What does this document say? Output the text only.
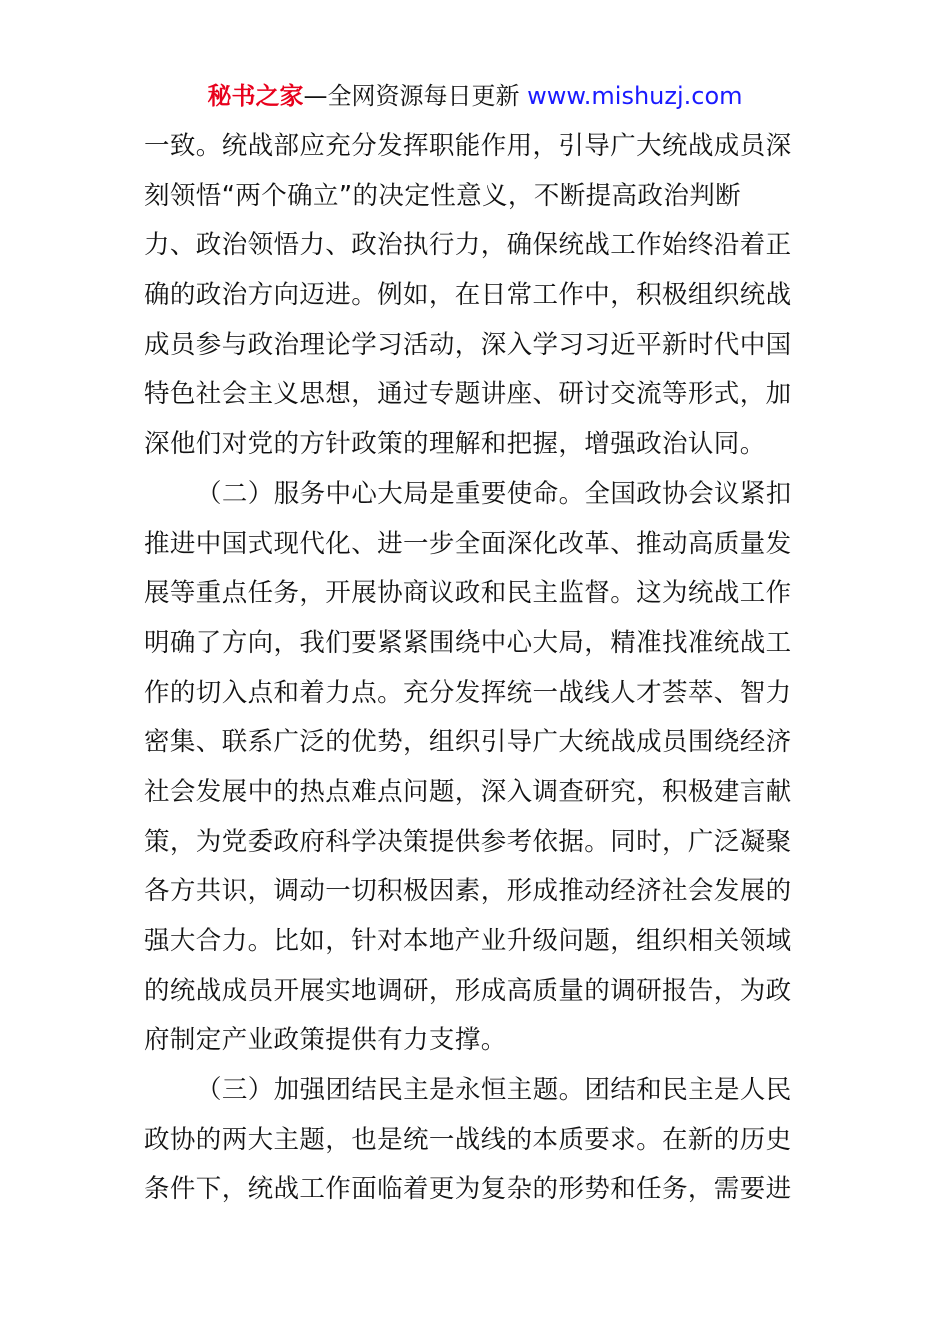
秘书之家—全网资源每日更新 www.mishuzj.com
一致。统战部应充分发挥职能作用，引导广大统战成员深
刻领悟“两个确立”的决定性意义，不断提高政治判断
力、政治领悟力、政治执行力，确保统战工作始终沿着正
确的政治方向迈进。例如，在日常工作中，积极组织统战
成员参与政治理论学习活动，深入学习习近平新时代中国
特色社会主义思想，通过专题讲座、研讨交流等形式，加
深他们对党的方针政策的理解和把握，增强政治认同。
（二）服务中心大局是重要使命。全国政协会议紧扣
推进中国式现代化、进一步全面深化改革、推动高质量发
展等重点任务，开展协商议政和民主监督。这为统战工作
明确了方向，我们要紧紧围绕中心大局，精准找准统战工
作的切入点和着力点。充分发挥统一战线人才荟萃、智力
密集、联系广泛的优势，组织引导广大统战成员围绕经济
社会发展中的热点难点问题，深入调查研究，积极建言献
策，为党委政府科学决策提供参考依据。同时，广泛凝聚
各方共识，调动一切积极因素，形成推动经济社会发展的
强大合力。比如，针对本地产业升级问题，组织相关领域
的统战成员开展实地调研，形成高质量的调研报告，为政
府制定产业政策提供有力支撑。
（三）加强团结民主是永恒主题。团结和民主是人民
政协的两大主题，也是统一战线的本质要求。在新的历史
条件下，统战工作面临着更为复杂的形势和任务，需要进
